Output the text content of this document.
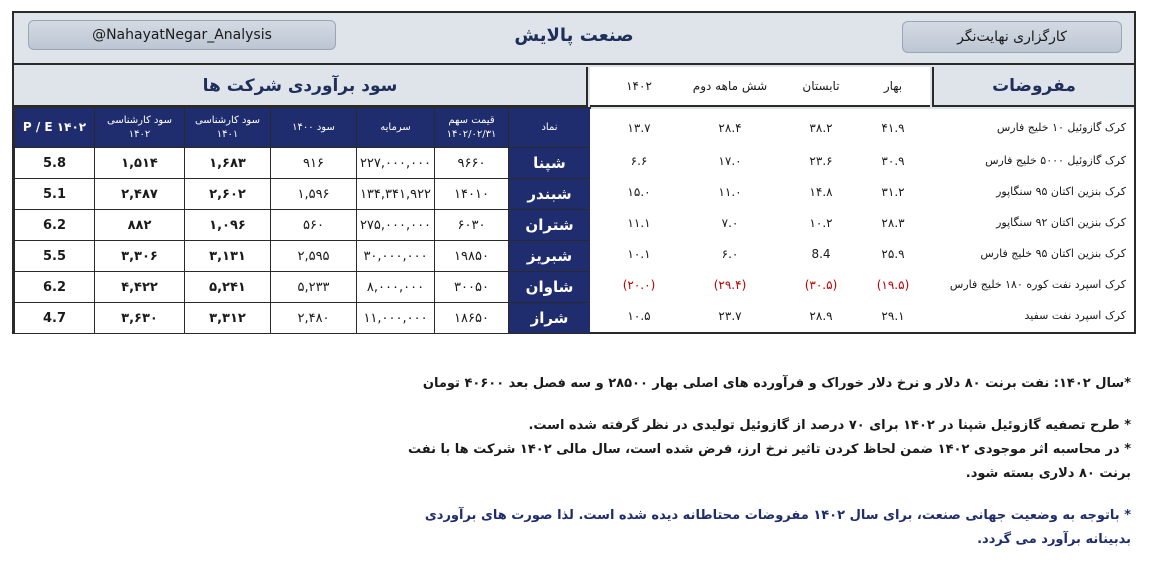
@NahayatNegar_Analysis	صنعت پالایش	کارگزاری نهایت‌نگر
سود برآوردی شرکت ها	۱۴۰۲	شش ماهه دوم	تابستان	بهار	مفروضات
P / E ۱۴۰۲	سود کارشناسی ۱۴۰۲	سود کارشناسی ۱۴۰۱	سود ۱۴۰۰	سرمایه	قیمت سهم ۱۴۰۲/۰۲/۳۱	نماد
5.8	۱,۵۱۴	۱,۶۸۳	۹۱۶	۲۲۷,۰۰۰,۰۰۰	۹۶۶۰	شپنا
5.1	۲,۴۸۷	۲,۶۰۲	۱,۵۹۶	۱۳۴,۳۴۱,۹۲۲	۱۴۰۱۰	شبندر
6.2	۸۸۲	۱,۰۹۶	۵۶۰	۲۷۵,۰۰۰,۰۰۰	۶۰۳۰	شتران
5.5	۳,۳۰۶	۳,۱۳۱	۲,۵۹۵	۳۰,۰۰۰,۰۰۰	۱۹۸۵۰	شبریز
6.2	۴,۴۲۲	۵,۲۴۱	۵,۲۳۳	۸,۰۰۰,۰۰۰	۳۰۰۵۰	شاوان
4.7	۳,۶۳۰	۳,۳۱۲	۲,۴۸۰	۱۱,۰۰۰,۰۰۰	۱۸۶۵۰	شراز
۱۳.۷	۲۸.۴	۳۸.۲	۴۱.۹	کرک گازوئیل ۱۰ خلیج فارس
۶.۶	۱۷.۰	۲۳.۶	۳۰.۹	کرک گازوئیل ۵۰۰۰ خلیج فارس
۱۵.۰	۱۱.۰	۱۴.۸	۳۱.۲	کرک بنزین اکتان ۹۵ سنگاپور
۱۱.۱	۷.۰	۱۰.۲	۲۸.۳	کرک بنزین اکتان ۹۲ سنگاپور
۱۰.۱	۶.۰	8.4	۲۵.۹	کرک بنزین اکتان ۹۵ خلیج فارس
(۲۰.۰)	(۲۹.۴)	(۳۰.۵)	(۱۹.۵)	کرک اسپرد نفت کوره ۱۸۰ خلیج فارس
۱۰.۵	۲۳.۷	۲۸.۹	۲۹.۱	کرک اسپرد نفت سفید

*سال ۱۴۰۲: نفت برنت ۸۰ دلار و نرخ دلار خوراک و فرآورده های اصلی بهار ۲۸۵۰۰ و سه فصل بعد ۴۰۶۰۰ تومان

* طرح تصفیه گازوئیل شپنا در ۱۴۰۲ برای ۷۰ درصد از گازوئیل تولیدی در نظر گرفته شده است.

* در محاسبه اثر موجودی ۱۴۰۲ ضمن لحاظ کردن تاثیر نرخ ارز، فرض شده است، سال مالی ۱۴۰۲ شرکت ها با نفت

برنت ۸۰ دلاری بسته شود.

* باتوجه به وضعیت جهانی صنعت، برای سال ۱۴۰۲ مفروضات محتاطانه دیده شده است. لذا صورت های برآوردی

بدبینانه برآورد می گردد.
